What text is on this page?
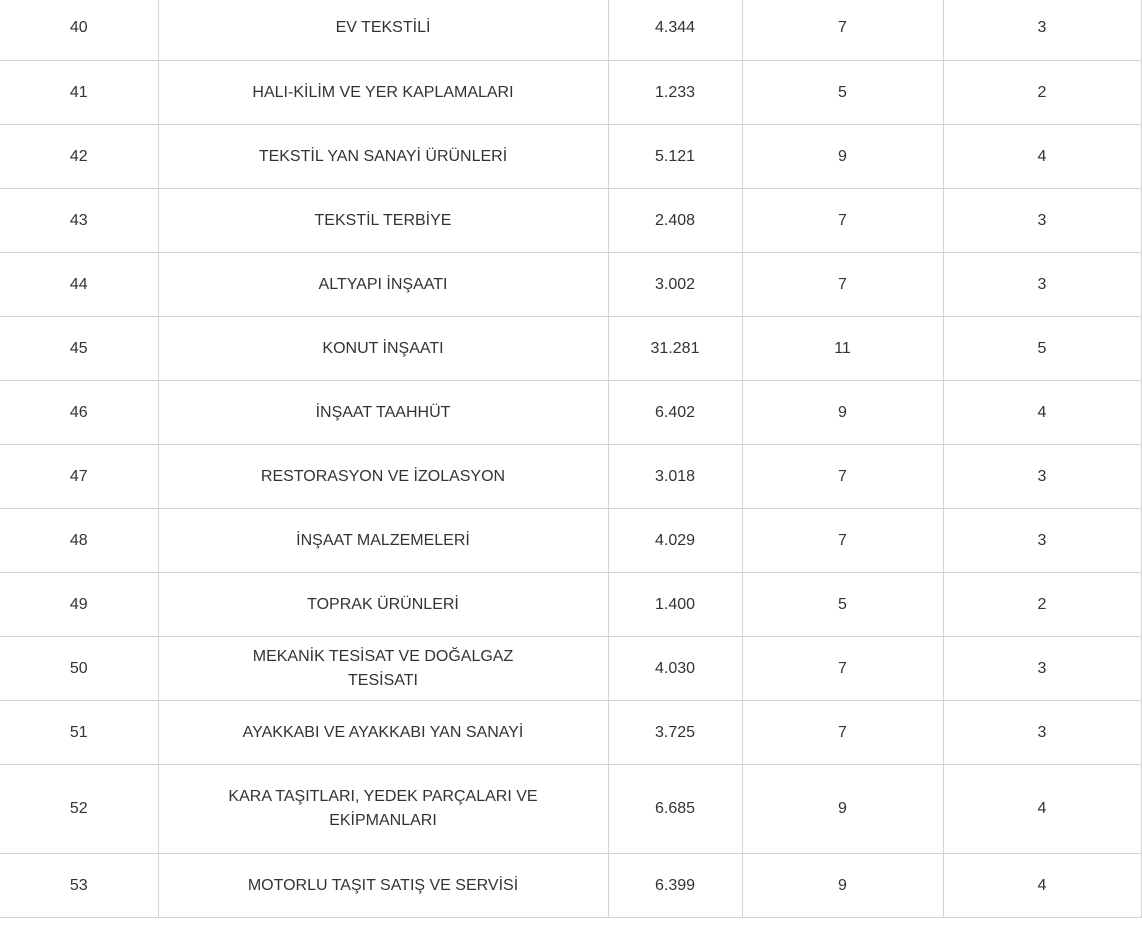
40	EV TEKSTİLİ	4.344	7	3
41	HALI-KİLİM VE YER KAPLAMALARI	1.233	5	2
42	TEKSTİL YAN SANAYİ ÜRÜNLERİ	5.121	9	4
43	TEKSTİL TERBİYE	2.408	7	3
44	ALTYAPI İNŞAATI	3.002	7	3
45	KONUT İNŞAATI	31.281	11	5
46	İNŞAAT TAAHHÜT	6.402	9	4
47	RESTORASYON VE İZOLASYON	3.018	7	3
48	İNŞAAT MALZEMELERİ	4.029	7	3
49	TOPRAK ÜRÜNLERİ	1.400	5	2
50	MEKANİK TESİSAT VE DOĞALGAZ TESİSATI	4.030	7	3
51	AYAKKABI VE AYAKKABI YAN SANAYİ	3.725	7	3
52	KARA TAŞITLARI, YEDEK PARÇALARI VE EKİPMANLARI	6.685	9	4
53	MOTORLU TAŞIT SATIŞ VE SERVİSİ	6.399	9	4
